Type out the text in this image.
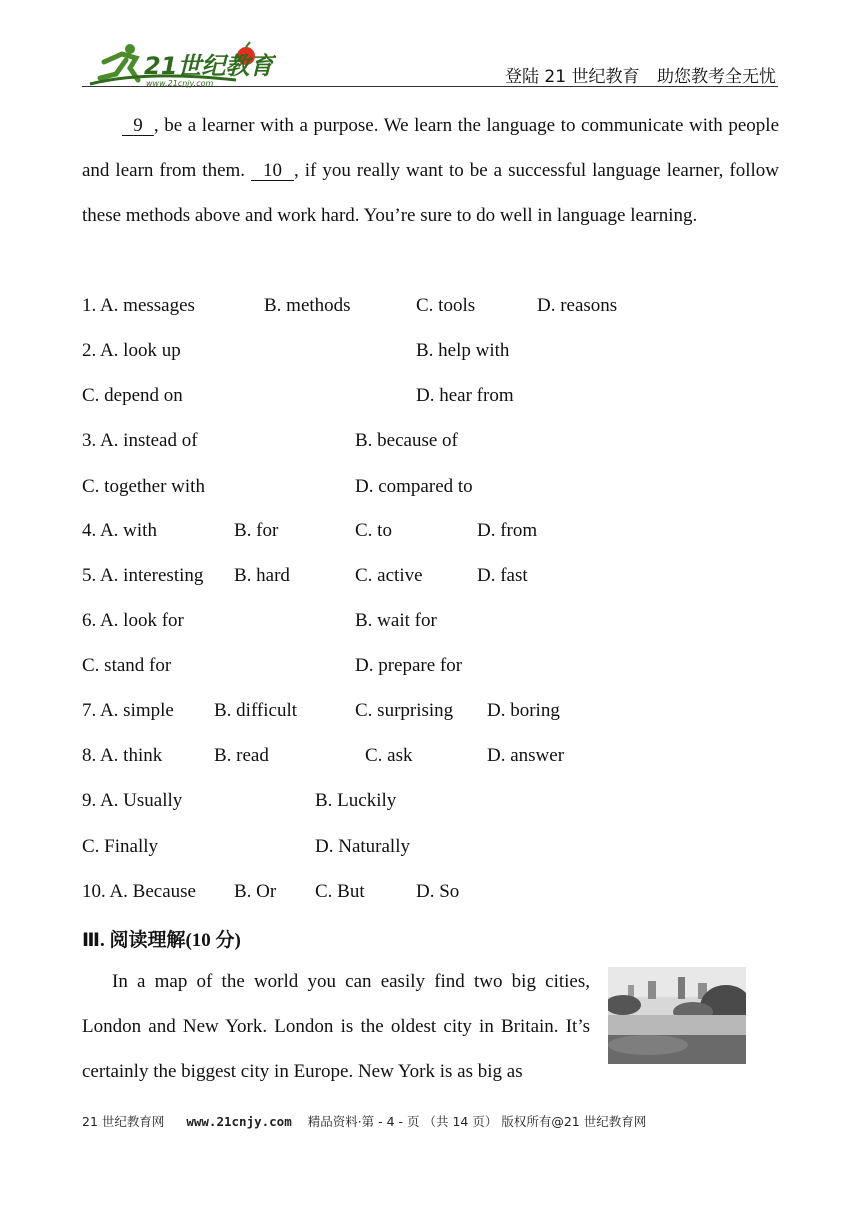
21世纪教育
www.21cnjy.com	登陆 21 世纪教育 助您教考全无忧

9 , be a learner with a purpose. We learn the language to communicate with people and learn from them.   10 , if you really want to be a successful language learner, follow these methods above and work hard. You’re sure to do well in language learning.

1. A. messages	B. methods	C. tools	D. reasons
2. A. look up	B. help with
C. depend on	D. hear from
3. A. instead of	B. because of
C. together with	D. compared to
4. A. with	B. for	C. to	D. from
5. A. interesting B. hard	C. active	D. fast
6. A. look for	B. wait for
C. stand for	D. prepare for
7. A. simple B. difficult	C. surprising D. boring
8. A. think	B. read	C. ask	D. answer
9. A. Usually	B. Luckily
C. Finally	D. Naturally
10. A. Because B. Or C. But	D. So
Ⅲ. 阅读理解(10 分)

In a map of the world you can easily find two big cities, London and New York. London is the oldest city in Britain. It’s certainly the biggest city in Europe. New York is as big as

21 世纪教育网 www.21cnjy.com 精品资料·第 - 4 - 页 （共 14 页） 版权所有@21 世纪教育网
